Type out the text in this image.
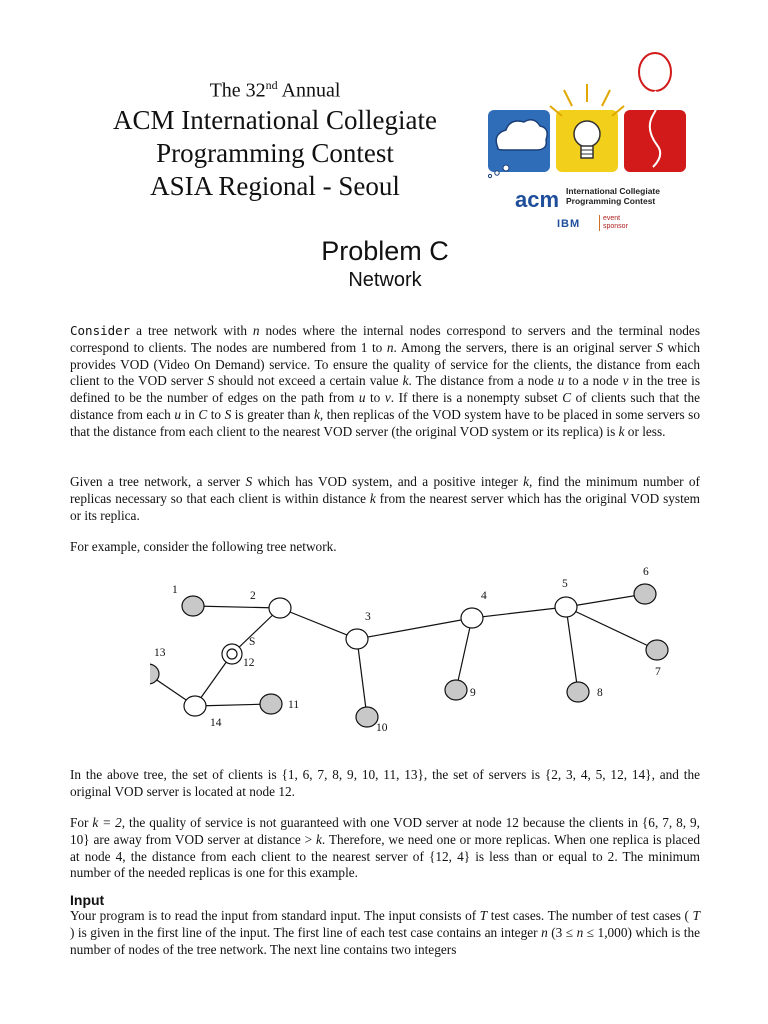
The 32nd Annual
ACM International Collegiate
Programming Contest
ASIA Regional - Seoul	acm International Collegiate
Programming Contest
IBM	event
sponsor
Problem C
Network
Consider a tree network with n nodes where the internal nodes correspond to servers and the terminal nodes correspond to clients. The nodes are numbered from 1 to n. Among the servers, there is an original server S which provides VOD (Video On Demand) service. To ensure the quality of service for the clients, the distance from each client to the VOD server S should not exceed a certain value k. The distance from a node u to a node v in the tree is defined to be the number of edges on the path from u to v. If there is a nonempty subset C of clients such that the distance from each u in C to S is greater than k, then replicas of the VOD system have to be placed in some servers so that the distance from each client to the nearest VOD server (the original VOD system or its replica) is k or less.
Given a tree network, a server S which has VOD system, and a positive integer k, find the minimum number of replicas necessary so that each client is within distance k from the nearest server which has the original VOD system or its replica.
For example, consider the following tree network.
1	2
3
4
5
6
7
8
9
10
11
12
13
14
S
In the above tree, the set of clients is {1, 6, 7, 8, 9, 10, 11, 13}, the set of servers is {2, 3, 4, 5, 12, 14}, and the original VOD server is located at node 12.
For k = 2, the quality of service is not guaranteed with one VOD server at node 12 because the clients in {6, 7, 8, 9, 10} are away from VOD server at distance > k. Therefore, we need one or more replicas. When one replica is placed at node 4, the distance from each client to the nearest server of {12, 4} is less than or equal to 2. The minimum number of the needed replicas is one for this example.
Input
Your program is to read the input from standard input. The input consists of T test cases. The number of test cases ( T ) is given in the first line of the input. The first line of each test case contains an integer n (3 ≤ n ≤ 1,000) which is the number of nodes of the tree network. The next line contains two integers
